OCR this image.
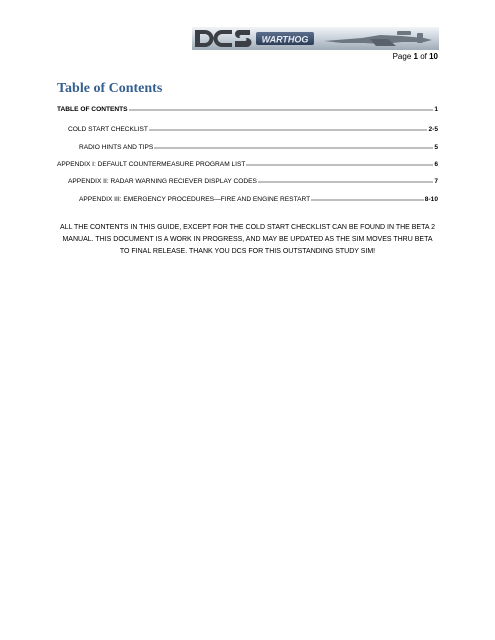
WARTHOG
Page 1 of 10
Table of Contents
TABLE OF CONTENTS	1
COLD START CHECKLIST	2-5
RADIO HINTS AND TIPS	5
APPENDIX I: DEFAULT COUNTERMEASURE PROGRAM LIST	6
APPENDIX II: RADAR WARNING RECIEVER DISPLAY CODES	7
APPENDIX III: EMERGENCY PROCEDURES—FIRE AND ENGINE RESTART	8-10

ALL THE CONTENTS IN THIS GUIDE, EXCEPT FOR THE COLD START CHECKLIST CAN BE FOUND IN THE BETA 2 MANUAL. THIS DOCUMENT IS A WORK IN PROGRESS, AND MAY BE UPDATED AS THE SIM MOVES THRU BETA TO FINAL RELEASE. THANK YOU DCS FOR THIS OUTSTANDING STUDY SIM!
